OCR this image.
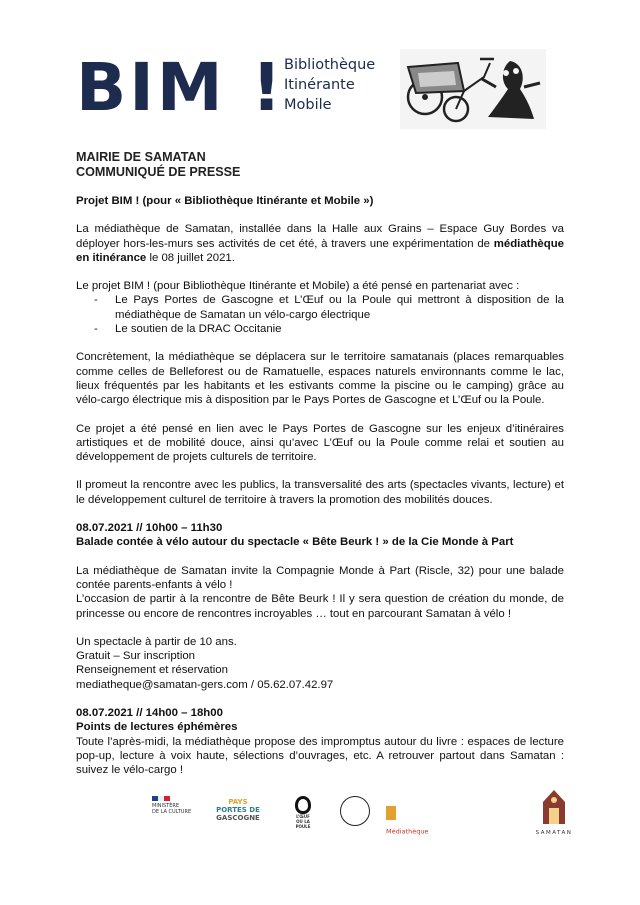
BIM ! Bibliothèque
Itinérante
Mobile
MAIRIE DE SAMATAN
COMMUNIQUÉ DE PRESSE

Projet BIM ! (pour « Bibliothèque Itinérante et Mobile »)

La médiathèque de Samatan, installée dans la Halle aux Grains – Espace Guy Bordes va déployer hors-les-murs ses activités de cet été, à travers une expérimentation de médiathèque en itinérance le 08 juillet 2021.

Le projet BIM ! (pour Bibliothèque Itinérante et Mobile) a été pensé en partenariat avec :

- Le Pays Portes de Gascogne et L’Œuf ou la Poule qui mettront à disposition de la médiathèque de Samatan un vélo-cargo électrique
- Le soutien de la DRAC Occitanie

Concrètement, la médiathèque se déplacera sur le territoire samatanais (places remarquables comme celles de Belleforest ou de Ramatuelle, espaces naturels environnants comme le lac, lieux fréquentés par les habitants et les estivants comme la piscine ou le camping) grâce au vélo-cargo électrique mis à disposition par le Pays Portes de Gascogne et L’Œuf ou la Poule.

Ce projet a été pensé en lien avec le Pays Portes de Gascogne sur les enjeux d’itinéraires artistiques et de mobilité douce, ainsi qu’avec L’Œuf ou la Poule comme relai et soutien au développement de projets culturels de territoire.

Il promeut la rencontre avec les publics, la transversalité des arts (spectacles vivants, lecture) et le développement culturel de territoire à travers la promotion des mobilités douces.

08.07.2021 // 10h00 – 11h30

Balade contée à vélo autour du spectacle « Bête Beurk ! » de la Cie Monde à Part

La médiathèque de Samatan invite la Compagnie Monde à Part (Riscle, 32) pour une balade contée parents-enfants à vélo !

L’occasion de partir à la rencontre de Bête Beurk ! Il y sera question de création du monde, de princesse ou encore de rencontres incroyables … tout en parcourant Samatan à vélo !

Un spectacle à partir de 10 ans.

Gratuit – Sur inscription

Renseignement et réservation

mediatheque@samatan-gers.com / 05.62.07.42.97

08.07.2021 // 14h00 – 18h00

Points de lectures éphémères

Toute l’après-midi, la médiathèque propose des impromptus autour du livre : espaces de lecture pop-up, lecture à voix haute, sélections d’ouvrages, etc. A retrouver partout dans Samatan : suivez le vélo-cargo !

MINISTÈRE
DE LA CULTURE
PAYS
PORTES DE
GASCOGNE	L’ŒUF
OU LA
POULE
Médiathèque	SAMATAN
